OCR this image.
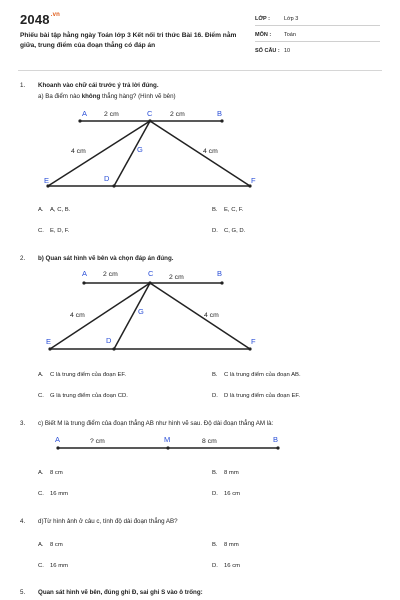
$2048^{.vn}$
Phiếu bài tập hằng ngày Toán lớp 3 Kết nối tri thức Bài 16. Điểm nằm giữa, trung điểm của đoạn thẳng có đáp án
LỚP :	Lớp 3
MÔN : Toán
SỐ CÂU : 10
1. Khoanh vào chữ cái trước ý trả lời đúng.
a) Ba điểm nào không thẳng hàng? (Hình vẽ bên)
A	B
C
G
E	D	F
2 cm	2 cm
4 cm	4 cm
A. A, C, B.	B. E, C, F.
C. E, D, F.	D. C, G, D.
2. b) Quan sát hình vẽ bên và chọn đáp án đúng.
A	B
C
G
E	D	F
2 cm	2 cm
4 cm	4 cm
A. C là trung điểm của đoạn EF.	B. C là trung điểm của đoạn AB.
C. G là trung điểm của đoạn CD.	D. D là trung điểm của đoạn EF.
3. c) Biết M là trung điểm của đoạn thẳng AB như hình vẽ sau. Độ dài đoạn thẳng AM là:
A	M	B
? cm	8 cm
A. 8 cm	B. 8 mm
C. 16 mm	D. 16 cm
4. d)Từ hình ảnh ở câu c, tính độ dài đoạn thẳng AB?
A. 8 cm	B. 8 mm
C. 16 mm	D. 16 cm
5. Quan sát hình vẽ bên, đúng ghi Đ, sai ghi S vào ô trống:
